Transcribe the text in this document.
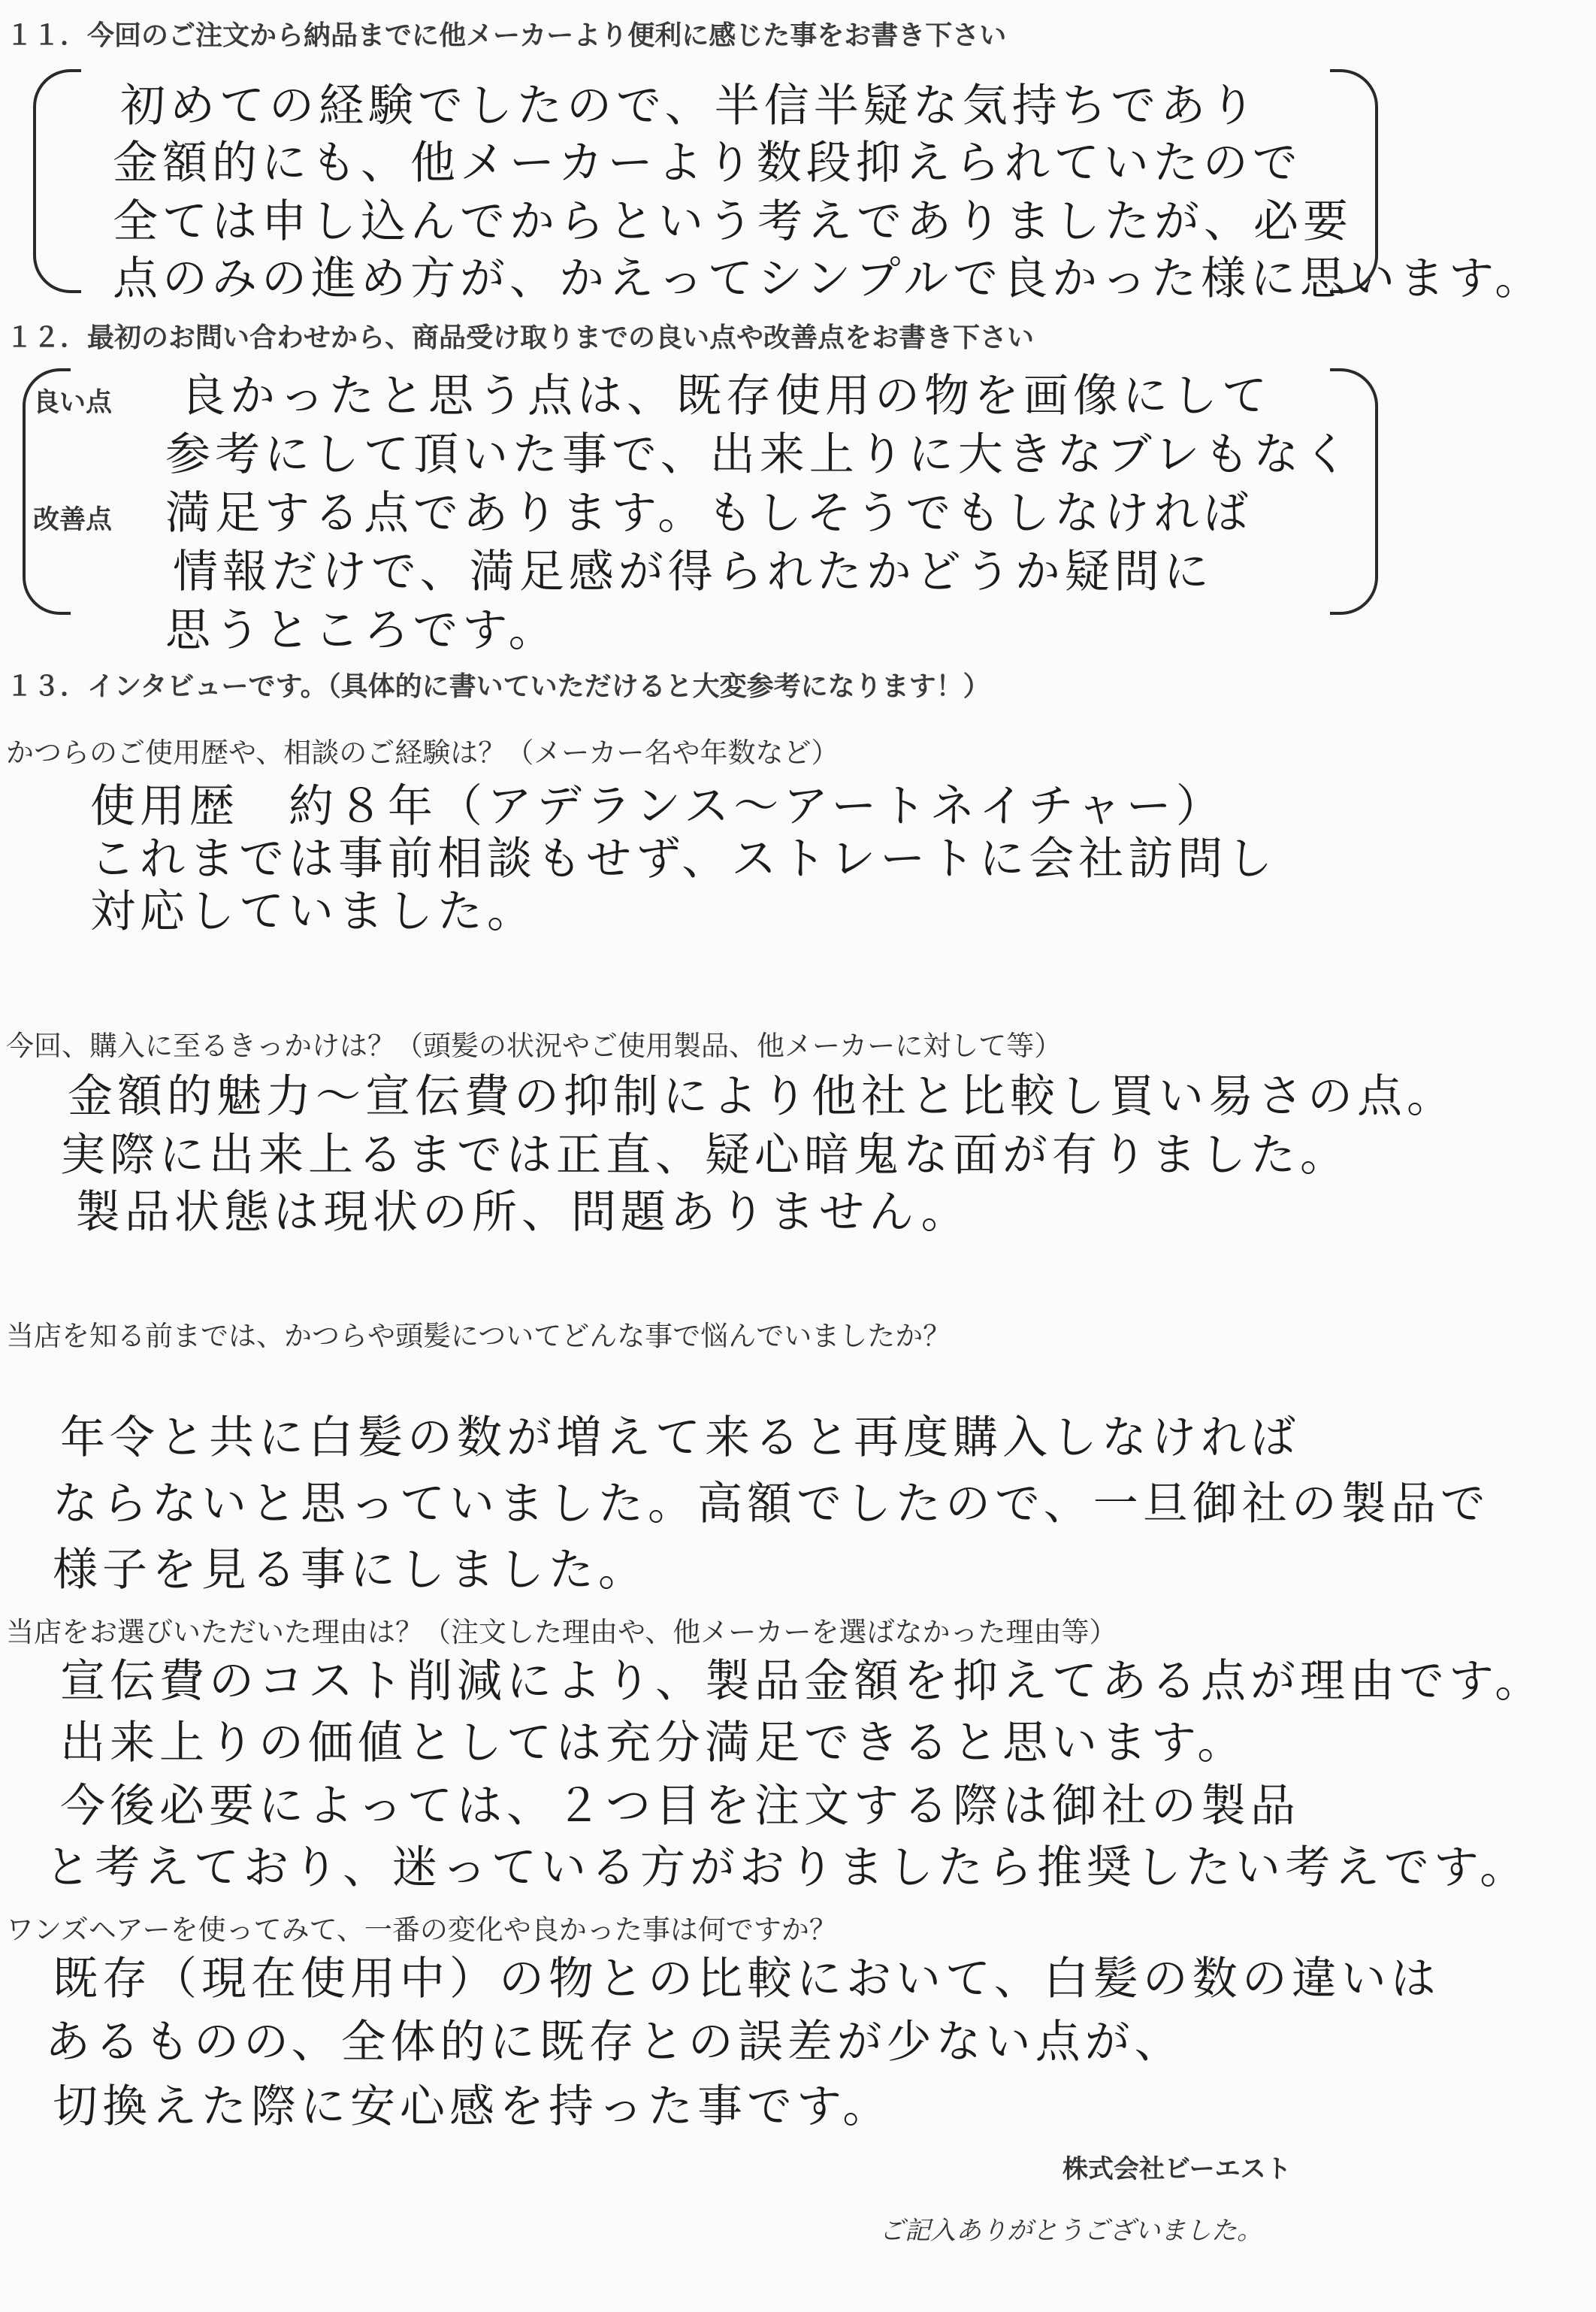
１１．今回のご注文から納品までに他メーカーより便利に感じた事をお書き下さい
初めての経験でしたので、半信半疑な気持ちであり
金額的にも、他メーカーより数段抑えられていたので
全ては申し込んでからという考えでありましたが、必要
点のみの進め方が、かえってシンプルで良かった様に思います。
１２．最初のお問い合わせから、商品受け取りまでの良い点や改善点をお書き下さい
良い点
改善点
良かったと思う点は、既存使用の物を画像にして
参考にして頂いた事で、出来上りに大きなブレもなく
満足する点であります。もしそうでもしなければ
情報だけで、満足感が得られたかどうか疑問に
思うところです。
１３．インタビューです。（具体的に書いていただけると大変参考になります！）
かつらのご使用歴や、相談のご経験は？（メーカー名や年数など）
使用歴　約８年（アデランス～アートネイチャー）
これまでは事前相談もせず、ストレートに会社訪問し
対応していました。
今回、購入に至るきっかけは？（頭髪の状況やご使用製品、他メーカーに対して等）
金額的魅力～宣伝費の抑制により他社と比較し買い易さの点。
実際に出来上るまでは正直、疑心暗鬼な面が有りました。
製品状態は現状の所、問題ありません。
当店を知る前までは、かつらや頭髪についてどんな事で悩んでいましたか？
年令と共に白髪の数が増えて来ると再度購入しなければ
ならないと思っていました。高額でしたので、一旦御社の製品で
様子を見る事にしました。
当店をお選びいただいた理由は？（注文した理由や、他メーカーを選ばなかった理由等）
宣伝費のコスト削減により、製品金額を抑えてある点が理由です。
出来上りの価値としては充分満足できると思います。
今後必要によっては、２つ目を注文する際は御社の製品
と考えており、迷っている方がおりましたら推奨したい考えです。
ワンズヘアーを使ってみて、一番の変化や良かった事は何ですか？
既存（現在使用中）の物との比較において、白髪の数の違いは
あるものの、全体的に既存との誤差が少ない点が、
切換えた際に安心感を持った事です。
株式会社ビーエスト
ご記入ありがとうございました。
